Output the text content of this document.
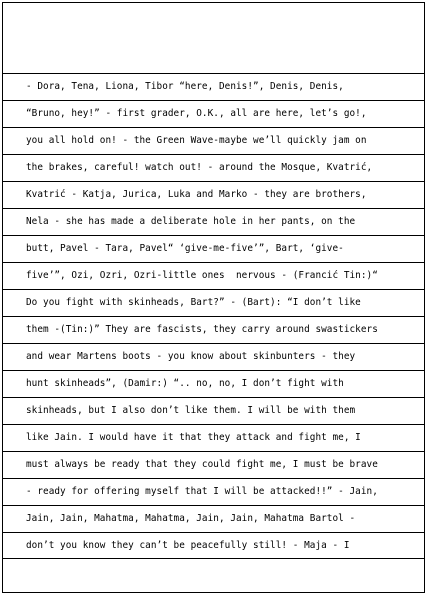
- Dora, Tena, Liona, Tibor “here, Denis!”, Denis, Denis,
“Bruno, hey!” - first grader, O.K., all are here, let’s go!,
you all hold on! - the Green Wave-maybe we’ll quickly jam on
the brakes, careful! watch out! - around the Mosque, Kvatrić,
Kvatrić - Katja, Jurica, Luka and Marko - they are brothers,
Nela - she has made a deliberate hole in her pants, on the
butt, Pavel - Tara, Pavel“ ‘give-me-five’”, Bart, ‘give-
five’”, Ozi, Ozri, Ozri-little ones  nervous - (Francić Tin:)“
Do you fight with skinheads, Bart?” - (Bart): “I don’t like
them -(Tin:)” They are fascists, they carry around swastickers
and wear Martens boots - you know about skinbunters - they
hunt skinheads”, (Damir:) “.. no, no, I don’t fight with
skinheads, but I also don’t like them. I will be with them
like Jain. I would have it that they attack and fight me, I
must always be ready that they could fight me, I must be brave
- ready for offering myself that I will be attacked!!” - Jain,
Jain, Jain, Mahatma, Mahatma, Jain, Jain, Mahatma Bartol -
don’t you know they can’t be peacefully still! - Maja - I
